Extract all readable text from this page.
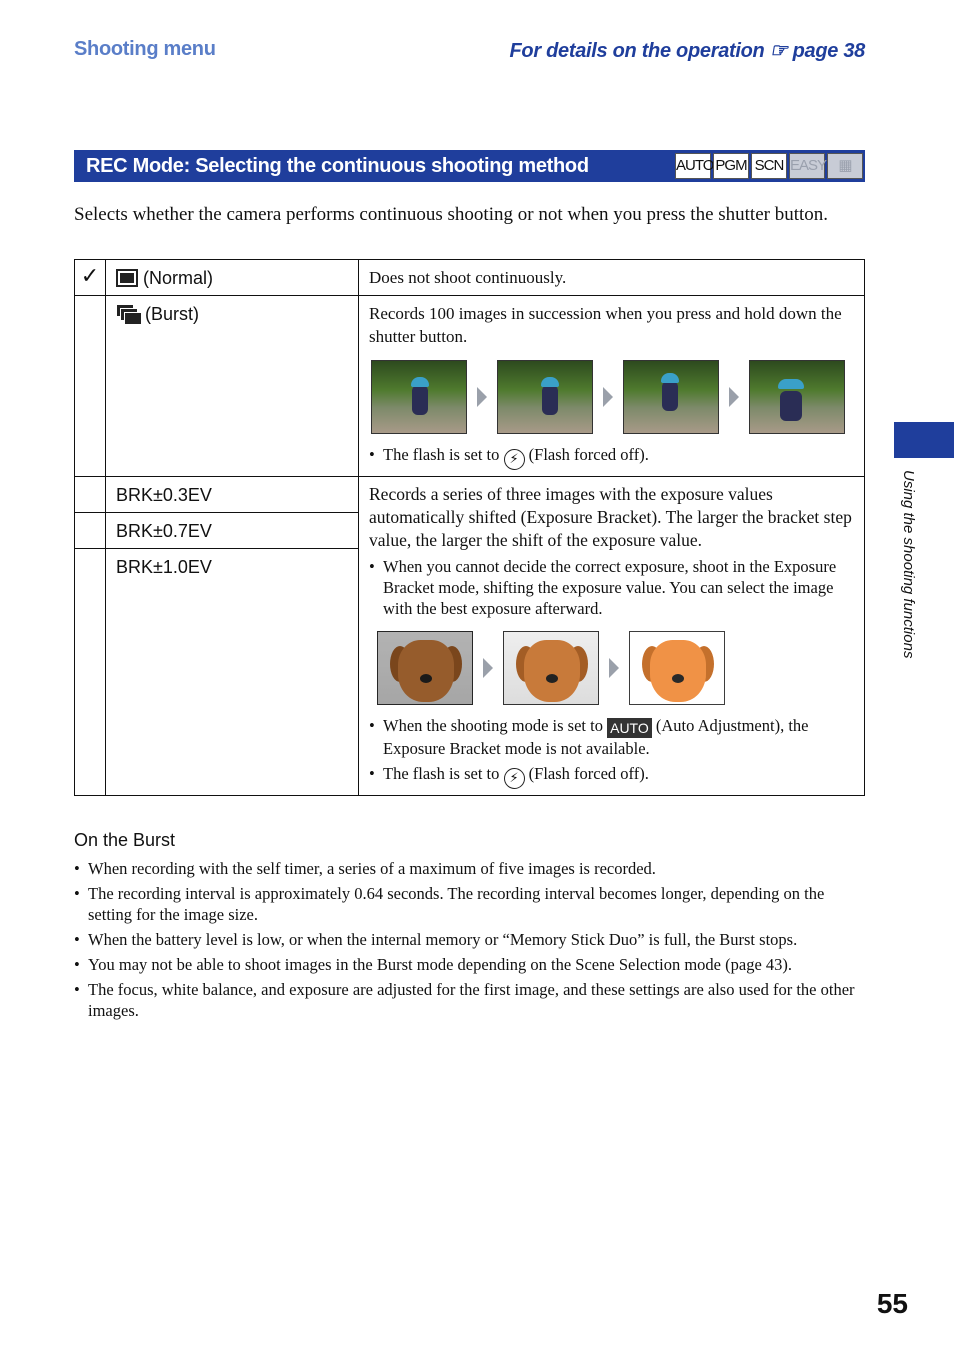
Shooting menu	For details on the operation ☞ page 38
REC Mode: Selecting the continuous shooting method	AUTO PGM SCN EASY ▦
Selects whether the camera performs continuous shooting or not when you press the shutter button.
✓	(Normal)	Does not shoot continuously.

(Burst)	Records 100 images in succession when you press and hold down the shutter button.
• The flash is set to ⚡ (Flash forced off).

	BRK±0.3EV	Records a series of three images with the exposure values automatically shifted (Exposure Bracket). The larger the bracket step value, the larger the shift of the exposure value.
• When you cannot decide the correct exposure, shoot in the Exposure Bracket mode, shifting the exposure value. You can select the image with the best exposure afterward.
• When the shooting mode is set to AUTO (Auto Adjustment), the Exposure Bracket mode is not available.
• The flash is set to ⚡ (Flash forced off).

	BRK±0.7EV	
	BRK±1.0EV	
On the Burst
• When recording with the self timer, a series of a maximum of five images is recorded.
• The recording interval is approximately 0.64 seconds. The recording interval becomes longer, depending on the setting for the image size.
• When the battery level is low, or when the internal memory or “Memory Stick Duo” is full, the Burst stops.
• You may not be able to shoot images in the Burst mode depending on the Scene Selection mode (page 43).
• The focus, white balance, and exposure are adjusted for the first image, and these settings are also used for the other images.
Using the shooting functions
55
